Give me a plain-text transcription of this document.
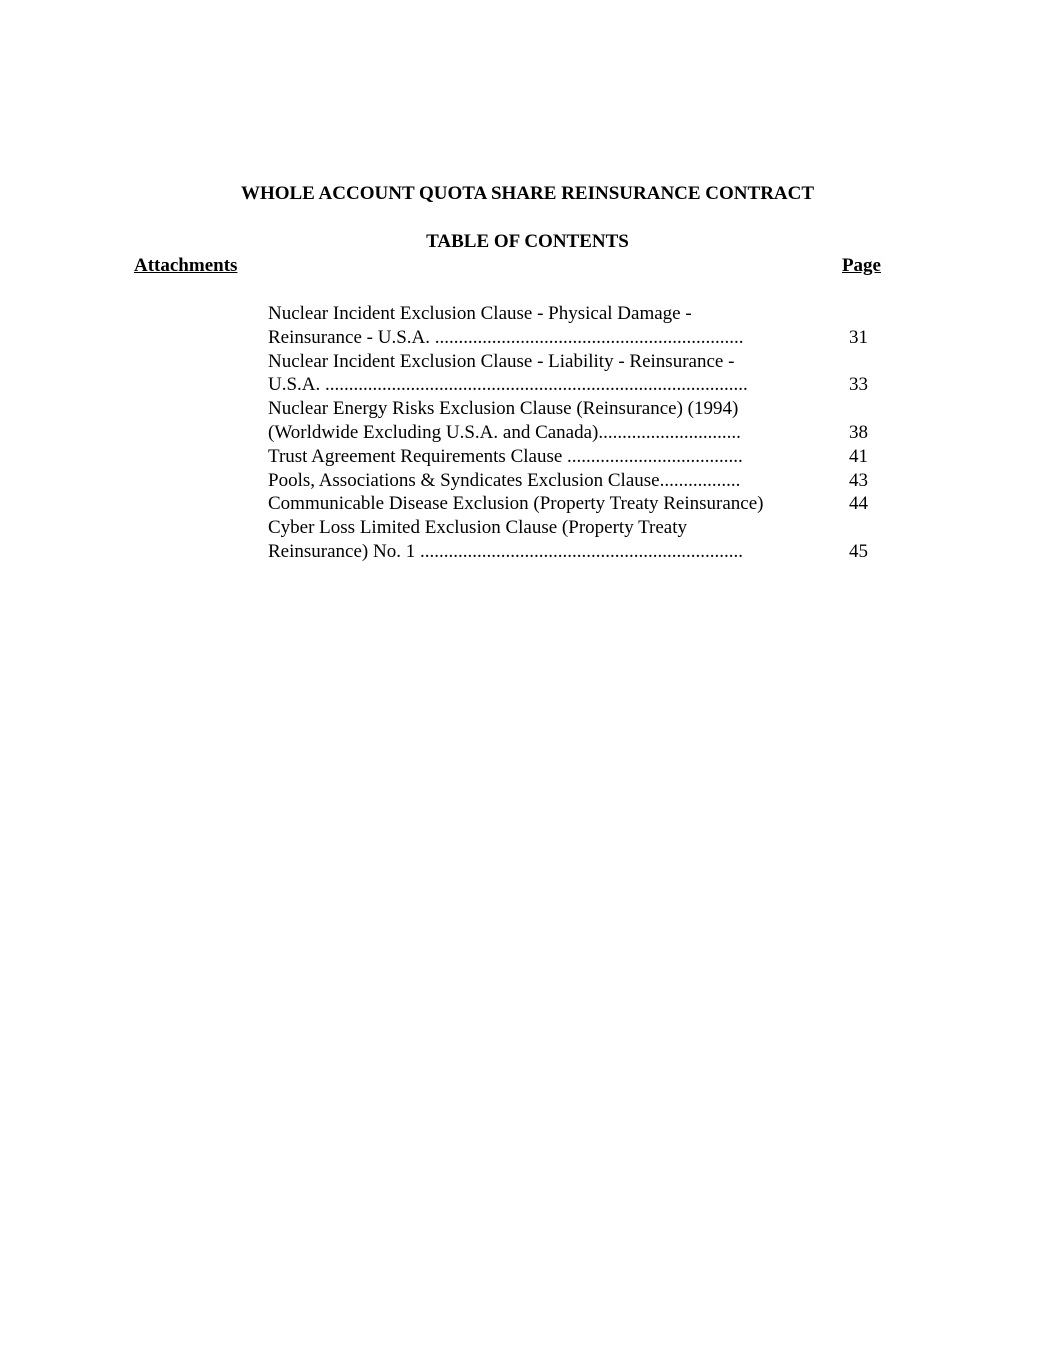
WHOLE ACCOUNT QUOTA SHARE REINSURANCE CONTRACT
TABLE OF CONTENTS
Attachments	Page
Nuclear Incident Exclusion Clause - Physical Damage -
Reinsurance - U.S.A. .................................................................	31
Nuclear Incident Exclusion Clause - Liability - Reinsurance -
U.S.A. .........................................................................................	33
Nuclear Energy Risks Exclusion Clause (Reinsurance) (1994)
(Worldwide Excluding U.S.A. and Canada)..............................	38
Trust Agreement Requirements Clause .....................................	41
Pools, Associations & Syndicates Exclusion Clause.................	43
Communicable Disease Exclusion (Property Treaty Reinsurance)	44
Cyber Loss Limited Exclusion Clause (Property Treaty
Reinsurance) No. 1 ....................................................................	45
